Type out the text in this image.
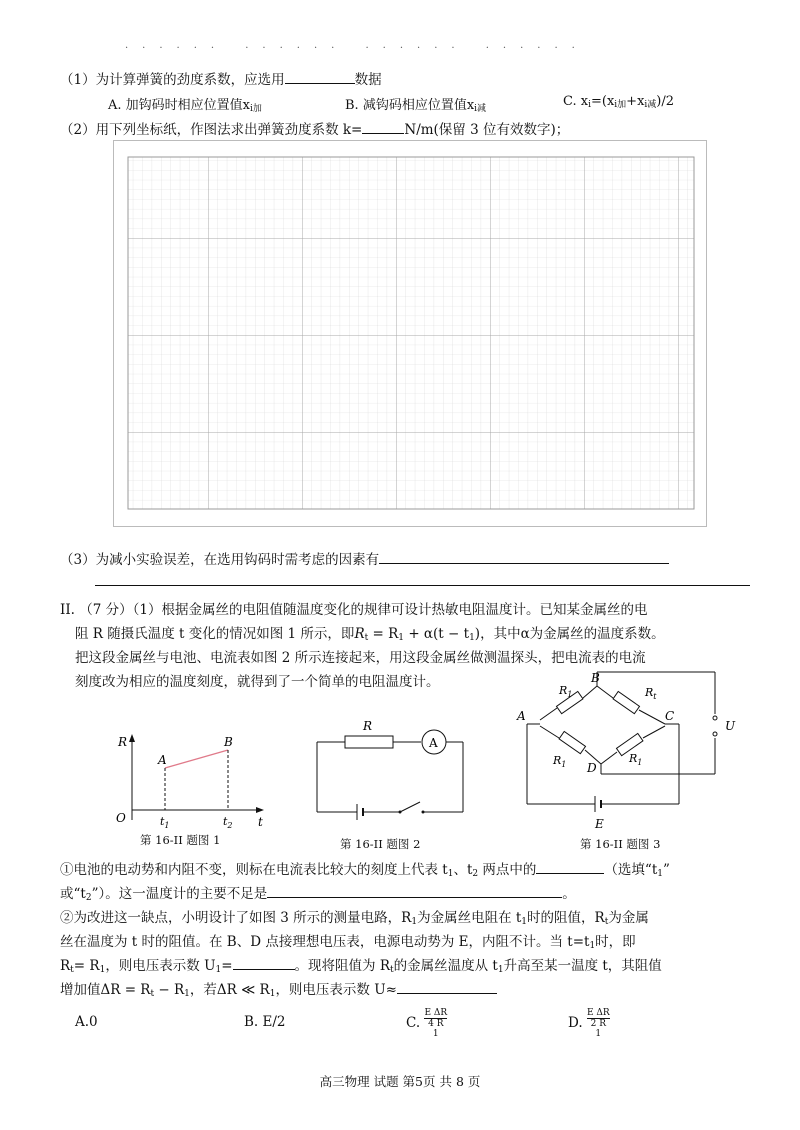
...... ...... ...... ......
（1）为计算弹簧的劲度系数，应选用	数据
A. 加钩码时相应位置值$x_{i加}$	B. 减钩码相应位置值$x_{i减}$	C. $x_i=(x_{i加}+x_{i减})/2$
（2）用下列坐标纸，作图法求出弹簧劲度系数 k=	N/m(保留 3 位有效数字)；
（3）为减小实验误差，在选用钩码时需考虑的因素有
II. （7 分）（1）根据金属丝的电阻值随温度变化的规律可设计热敏电阻温度计。已知某金属丝的电
阻 R 随摄氏温度 t 变化的情况如图 1 所示，即$R_t = R_1 + \alpha(t - t_1)$，其中α为金属丝的温度系数。
把这段金属丝与电池、电流表如图 2 所示连接起来，用这段金属丝做测温探头，把电流表的电流
刻度改为相应的温度刻度，就得到了一个简单的电阻温度计。
R
t
O
A
B
$t_1$	$t_2$
第 16-II 题图 1
A
R
第 16-II 题图 2
A
B
C
D
$R_1$	$R_t$
$R_1$	$R_1$
U
E
第 16-II 题图 3
①电池的电动势和内阻不变，则标在电流表比较大的刻度上代表 $t_1$、$t_2$ 两点中的	（选填“$t_1$”
或“$t_2$”）。这一温度计的主要不足是	。
②为改进这一缺点，小明设计了如图 3 所示的测量电路，$R_1$为金属丝电阻在 $t_1$时的阻值，$R_t$为金属
丝在温度为 t 时的阻值。在 B、D 点接理想电压表，电源电动势为 E，内阻不计。当 $t=t_1$时，即
$R_t= R_1$，则电压表示数 $U_1=$	。现将阻值为 $R_t$的金属丝温度从 $t_1$升高至某一温度 t，其阻值
增加值$\Delta R = R_t - R_1$，若ΔR ≪ $R_1$，则电压表示数 U≈
A.0	B. E/2	C. E ΔR
4 R
1	D. E ΔR
2 R
1
高三物理 试题 第5页 共 8 页
